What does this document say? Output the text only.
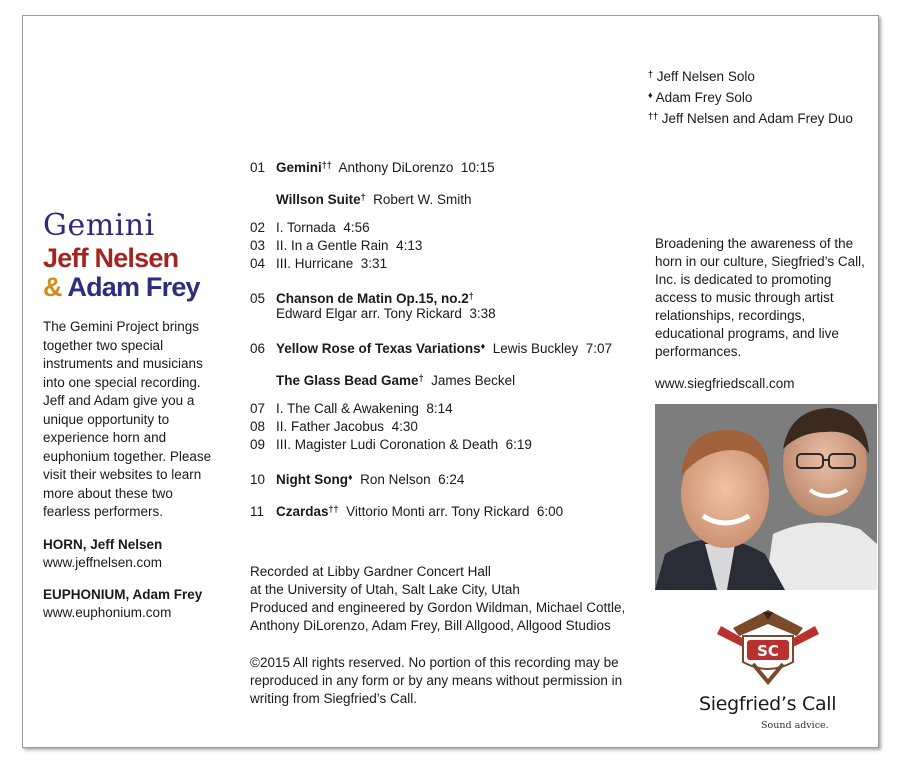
† Jeff Nelsen Solo
♦ Adam Frey Solo
†† Jeff Nelsen and Adam Frey Duo
Gemini
Jeff Nelsen
& Adam Frey
The Gemini Project brings together two special instruments and musicians into one special recording. Jeff and Adam give you a unique opportunity to experience horn and euphonium together. Please visit their websites to learn more about these two fearless performers.
HORN, Jeff Nelsen
www.jeffnelsen.com
EUPHONIUM, Adam Frey
www.euphonium.com
01 Gemini†† Anthony DiLorenzo 10:15
Willson Suite† Robert W. Smith
02 I. Tornada 4:56
03 II. In a Gentle Rain 4:13
04 III. Hurricane 3:31
05 Chanson de Matin Op.15, no.2†
Edward Elgar arr. Tony Rickard 3:38
06 Yellow Rose of Texas Variations♦ Lewis Buckley 7:07
The Glass Bead Game† James Beckel
07 I. The Call & Awakening 8:14
08 II. Father Jacobus 4:30
09 III. Magister Ludi Coronation & Death 6:19
10 Night Song♦ Ron Nelson 6:24
11 Czardas†† Vittorio Monti arr. Tony Rickard 6:00
Recorded at Libby Gardner Concert Hall
at the University of Utah, Salt Lake City, Utah
Produced and engineered by Gordon Wildman, Michael Cottle,
Anthony DiLorenzo, Adam Frey, Bill Allgood, Allgood Studios
©2015 All rights reserved. No portion of this recording may be reproduced in any form or by any means without permission in writing from Siegfried’s Call.
Broadening the awareness of the horn in our culture, Siegfried’s Call, Inc. is dedicated to promoting access to music through artist relationships, recordings, educational programs, and live performances.
www.siegfriedscall.com
SC
Siegfried’s Call
Sound advice.
